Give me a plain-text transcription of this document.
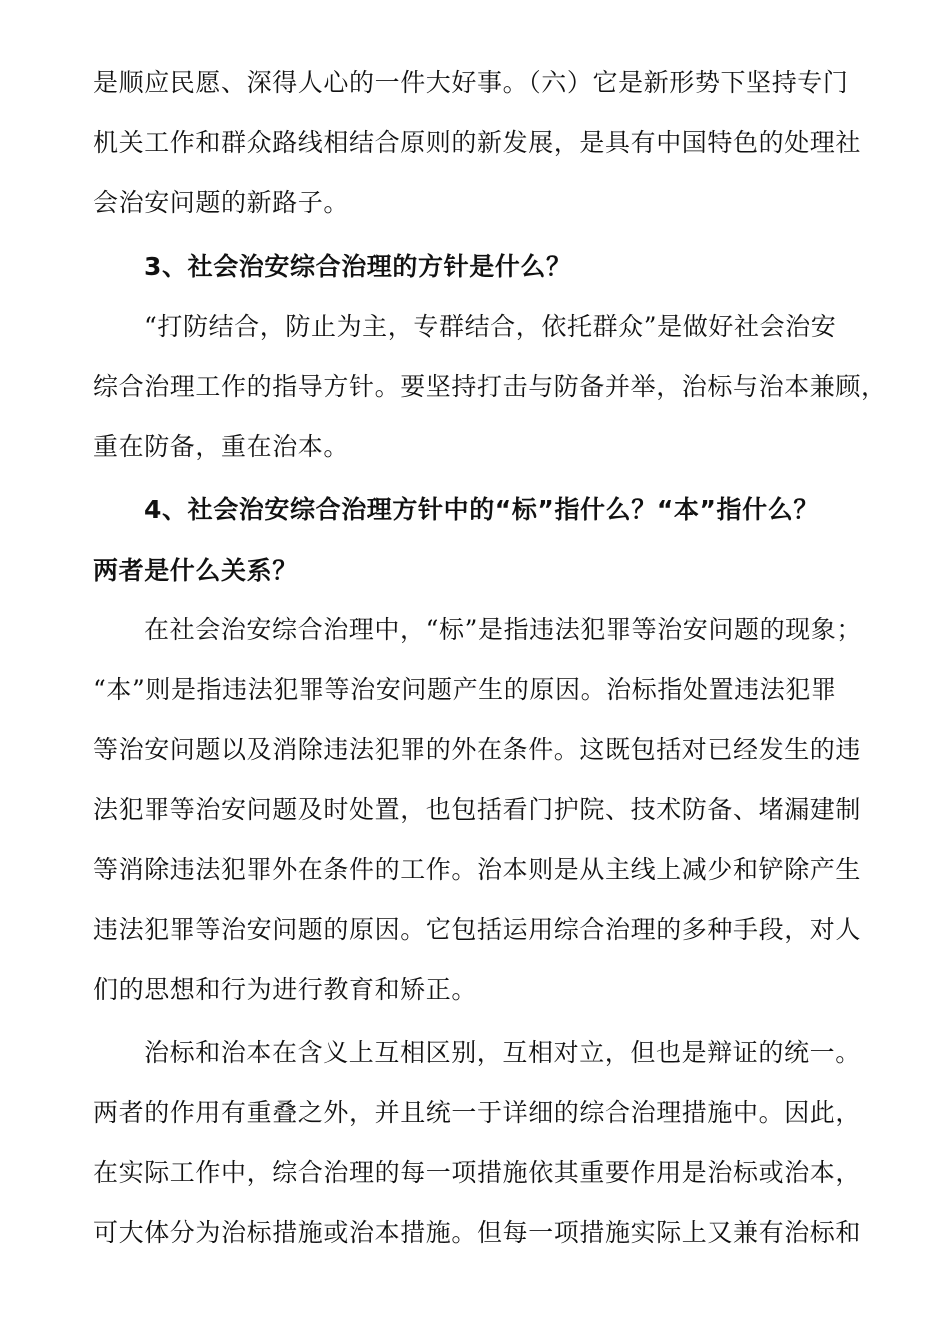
是顺应民愿、深得人心的一件大好事。（六）它是新形势下坚持专门
机关工作和群众路线相结合原则的新发展，是具有中国特色的处理社
会治安问题的新路子。
3、社会治安综合治理的方针是什么？
“打防结合，防止为主，专群结合，依托群众”是做好社会治安
综合治理工作的指导方针。要坚持打击与防备并举，治标与治本兼顾，
重在防备，重在治本。
4、社会治安综合治理方针中的“标”指什么？“本”指什么？
两者是什么关系？
在社会治安综合治理中，“标”是指违法犯罪等治安问题的现象；
“本”则是指违法犯罪等治安问题产生的原因。治标指处置违法犯罪
等治安问题以及消除违法犯罪的外在条件。这既包括对已经发生的违
法犯罪等治安问题及时处置，也包括看门护院、技术防备、堵漏建制
等消除违法犯罪外在条件的工作。治本则是从主线上减少和铲除产生
违法犯罪等治安问题的原因。它包括运用综合治理的多种手段，对人
们的思想和行为进行教育和矫正。
治标和治本在含义上互相区别，互相对立，但也是辩证的统一。
两者的作用有重叠之外，并且统一于详细的综合治理措施中。因此，
在实际工作中，综合治理的每一项措施依其重要作用是治标或治本，
可大体分为治标措施或治本措施。但每一项措施实际上又兼有治标和
